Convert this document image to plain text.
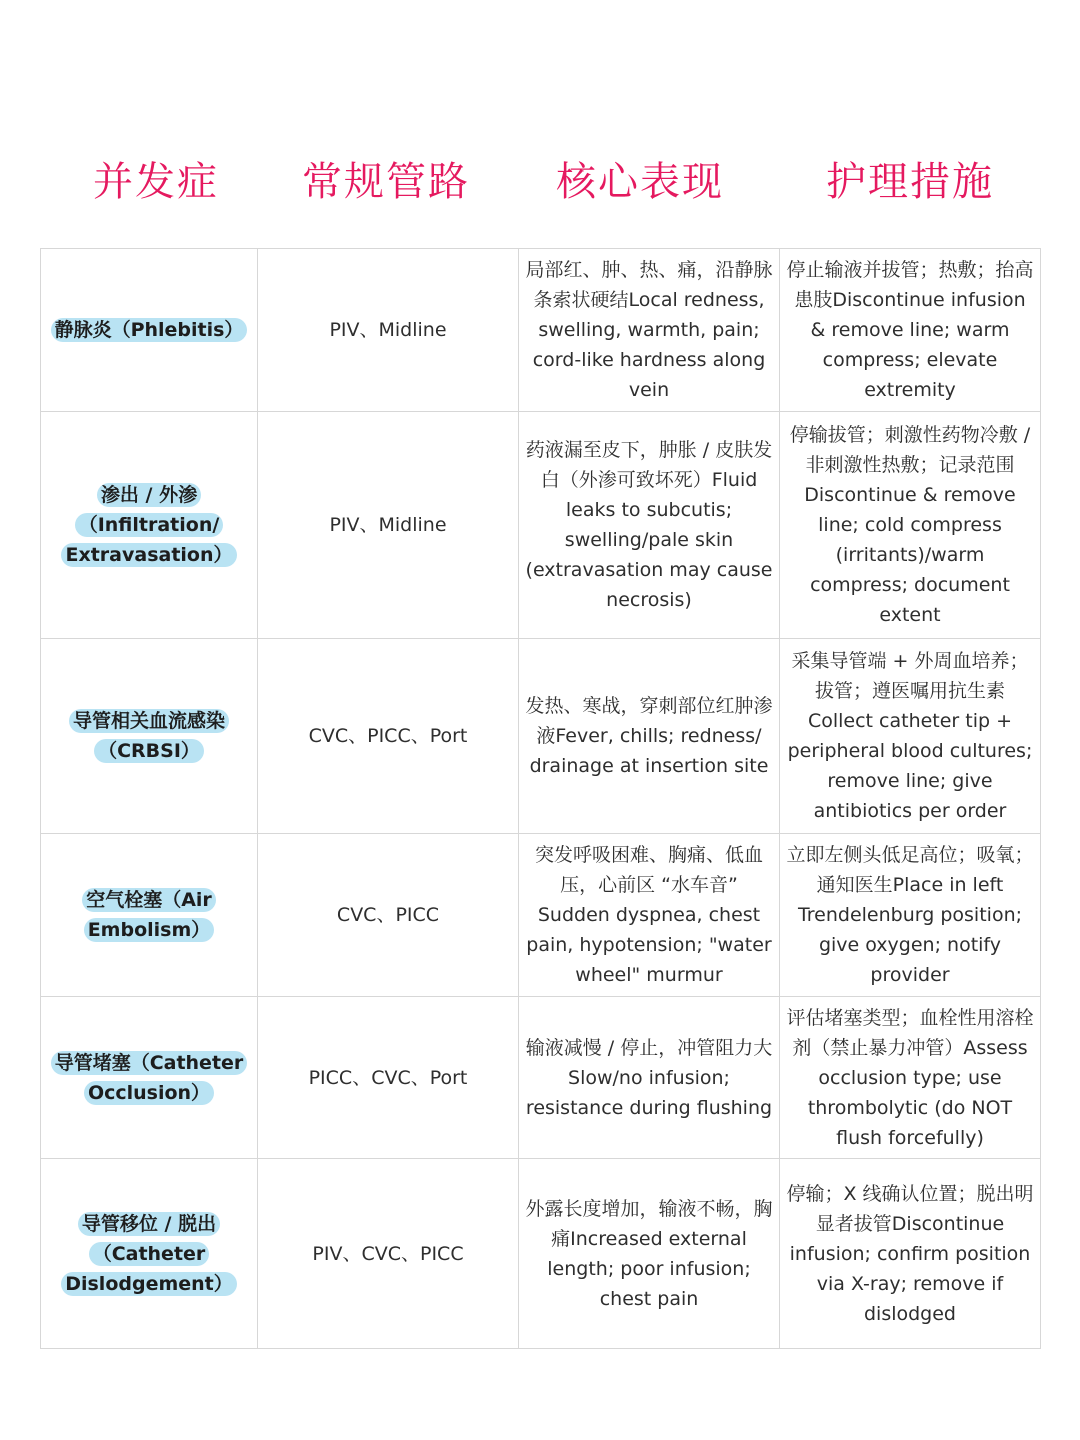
并发症	常规管路	核心表现	护理措施
静脉炎（Phlebitis）	PIV、Midline	局部红、肿、热、痛，沿静脉条索状硬结Local redness, swelling, warmth, pain; cord-like hardness along vein	停止输液并拔管；热敷；抬高患肢Discontinue infusion & remove line; warm compress; elevate extremity
渗出 / 外渗（Infiltration/ Extravasation）	PIV、Midline	药液漏至皮下，肿胀 / 皮肤发白（外渗可致坏死）Fluid leaks to subcutis; swelling/pale skin (extravasation may cause necrosis)	停输拔管；刺激性药物冷敷 / 非刺激性热敷；记录范围Discontinue & remove line; cold compress (irritants)/warm compress; document extent
导管相关血流感染（CRBSI）	CVC、PICC、Port	发热、寒战，穿刺部位红肿渗液Fever, chills; redness/ drainage at insertion site	采集导管端 + 外周血培养；拔管；遵医嘱用抗生素Collect catheter tip + peripheral blood cultures; remove line; give antibiotics per order
空气栓塞（Air Embolism）	CVC、PICC	突发呼吸困难、胸痛、低血压，心前区 “水车音” Sudden dyspnea, chest pain, hypotension; "water wheel" murmur	立即左侧头低足高位；吸氧；通知医生Place in left Trendelenburg position; give oxygen; notify provider
导管堵塞（Catheter Occlusion）	PICC、CVC、Port	输液减慢 / 停止，冲管阻力大Slow/no infusion; resistance during flushing	评估堵塞类型；血栓性用溶栓剂（禁止暴力冲管）Assess occlusion type; use thrombolytic (do NOT flush forcefully)
导管移位 / 脱出（Catheter Dislodgement）	PIV、CVC、PICC	外露长度增加，输液不畅，胸痛Increased external length; poor infusion; chest pain	停输；X 线确认位置；脱出明显者拔管Discontinue infusion; confirm position via X-ray; remove if dislodged
